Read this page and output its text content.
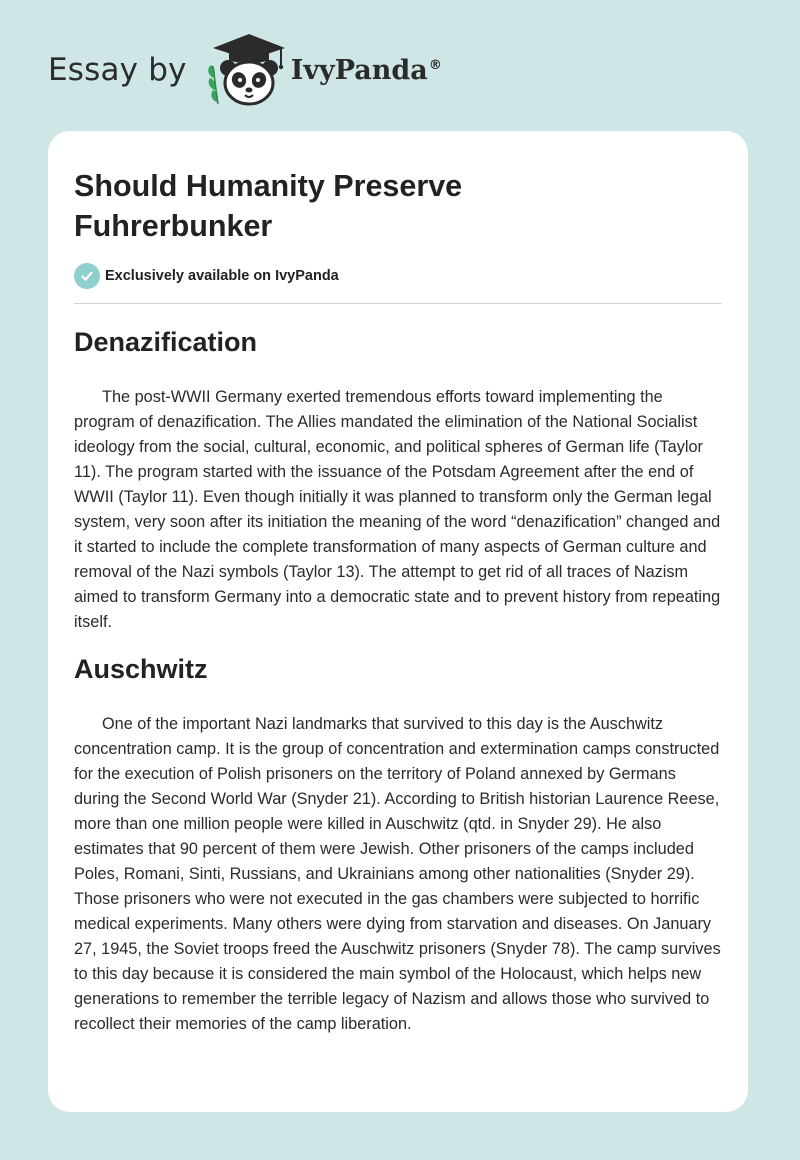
Essay by	IvyPanda®
Should Humanity Preserve Fuhrerbunker
Exclusively available on IvyPanda
Denazification

The post-WWII Germany exerted tremendous efforts toward implementing the program of denazification. The Allies mandated the elimination of the National Socialist ideology from the social, cultural, economic, and political spheres of German life (Taylor 11). The program started with the issuance of the Potsdam Agreement after the end of WWII (Taylor 11). Even though initially it was planned to transform only the German legal system, very soon after its initiation the meaning of the word “denazification” changed and it started to include the complete transformation of many aspects of German culture and removal of the Nazi symbols (Taylor 13). The attempt to get rid of all traces of Nazism aimed to transform Germany into a democratic state and to prevent history from repeating itself.

Auschwitz

One of the important Nazi landmarks that survived to this day is the Auschwitz concentration camp. It is the group of concentration and extermination camps constructed for the execution of Polish prisoners on the territory of Poland annexed by Germans during the Second World War (Snyder 21). According to British historian Laurence Reese, more than one million people were killed in Auschwitz (qtd. in Snyder 29). He also estimates that 90 percent of them were Jewish. Other prisoners of the camps included Poles, Romani, Sinti, Russians, and Ukrainians among other nationalities (Snyder 29). Those prisoners who were not executed in the gas chambers were subjected to horrific medical experiments. Many others were dying from starvation and diseases. On January 27, 1945, the Soviet troops freed the Auschwitz prisoners (Snyder 78). The camp survives to this day because it is considered the main symbol of the Holocaust, which helps new generations to remember the terrible legacy of Nazism and allows those who survived to recollect their memories of the camp liberation.
